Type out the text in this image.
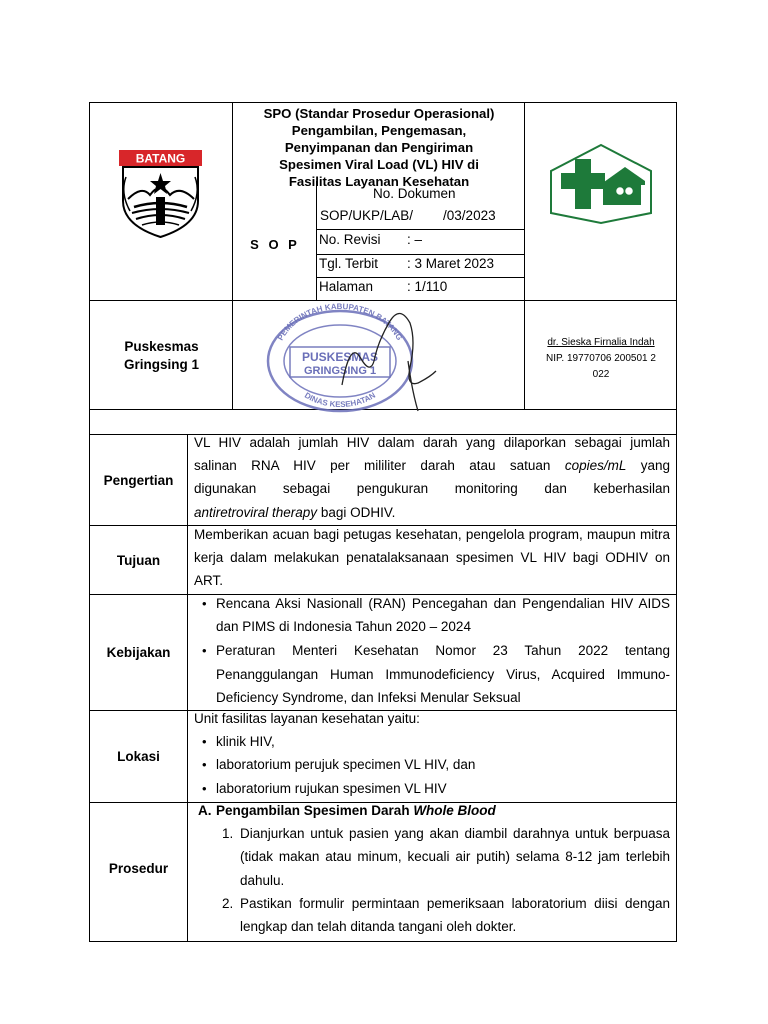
BATANG
SPO (Standar Prosedur Operasional)
Pengambilan, Pengemasan,
Penyimpanan dan Pengiriman
Spesimen Viral Load (VL) HIV di
Fasilitas Layanan Kesehatan
S O P
No. Dokumen
SOP/UKP/LAB/        /03/2023
No. Revisi : –
Tgl. Terbit : 3 Maret 2023
Halaman	: 1/110
Puskesmas
Gringsing 1
PEMERINTAH KABUPATEN BATANG
DINAS KESEHATAN
PUSKESMAS
GRINGSING 1
dr. Sieska Firnalia Indah
NIP. 19770706 200501 2
022
Pengertian

VL HIV adalah jumlah HIV dalam darah yang dilaporkan sebagai jumlah

salinan RNA HIV per mililiter darah atau satuan copies/mL yang

digunakan sebagai pengukuran monitoring dan keberhasilan

antiretroviral therapy bagi ODHIV.

Tujuan

Memberikan acuan bagi petugas kesehatan, pengelola program, maupun mitra kerja dalam melakukan penatalaksanaan spesimen VL HIV bagi ODHIV on ART.

Kebijakan
• Rencana Aksi Nasionall (RAN) Pencegahan dan Pengendalian HIV AIDS dan PIMS di Indonesia Tahun 2020 – 2024
• Peraturan Menteri Kesehatan Nomor 23 Tahun 2022 tentang Penanggulangan Human Immunodeficiency Virus, Acquired Immuno-Deficiency Syndrome, dan Infeksi Menular Seksual
Lokasi

Unit fasilitas layanan kesehatan yaitu:

• klinik HIV,
• laboratorium perujuk specimen VL HIV, dan
• laboratorium rujukan spesimen VL HIV
Prosedur
A. Pengambilan Spesimen Darah Whole Blood
1. Dianjurkan untuk pasien yang akan diambil darahnya untuk berpuasa (tidak makan atau minum, kecuali air putih) selama 8-12 jam terlebih dahulu.
2. Pastikan formulir permintaan pemeriksaan laboratorium diisi dengan lengkap dan telah ditanda tangani oleh dokter.
